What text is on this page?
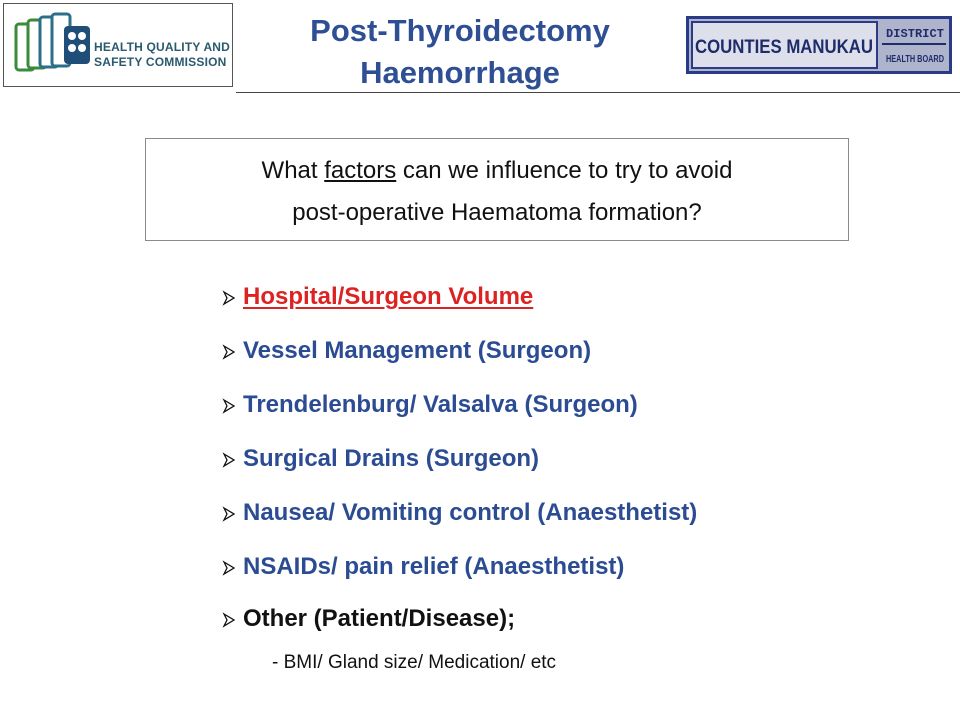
HEALTH QUALITY AND
SAFETY COMMISSION
Post-Thyroidectomy
Haemorrhage
COUNTIES MANUKAU
DISTRICT
HEALTH BOARD
What factors can we influence to try to avoid
post-operative Haematoma formation?
Hospital/Surgeon Volume
Vessel Management (Surgeon)
Trendelenburg/ Valsalva (Surgeon)
Surgical Drains (Surgeon)
Nausea/ Vomiting control (Anaesthetist)
NSAIDs/ pain relief (Anaesthetist)
Other (Patient/Disease);
- BMI/ Gland size/ Medication/ etc
